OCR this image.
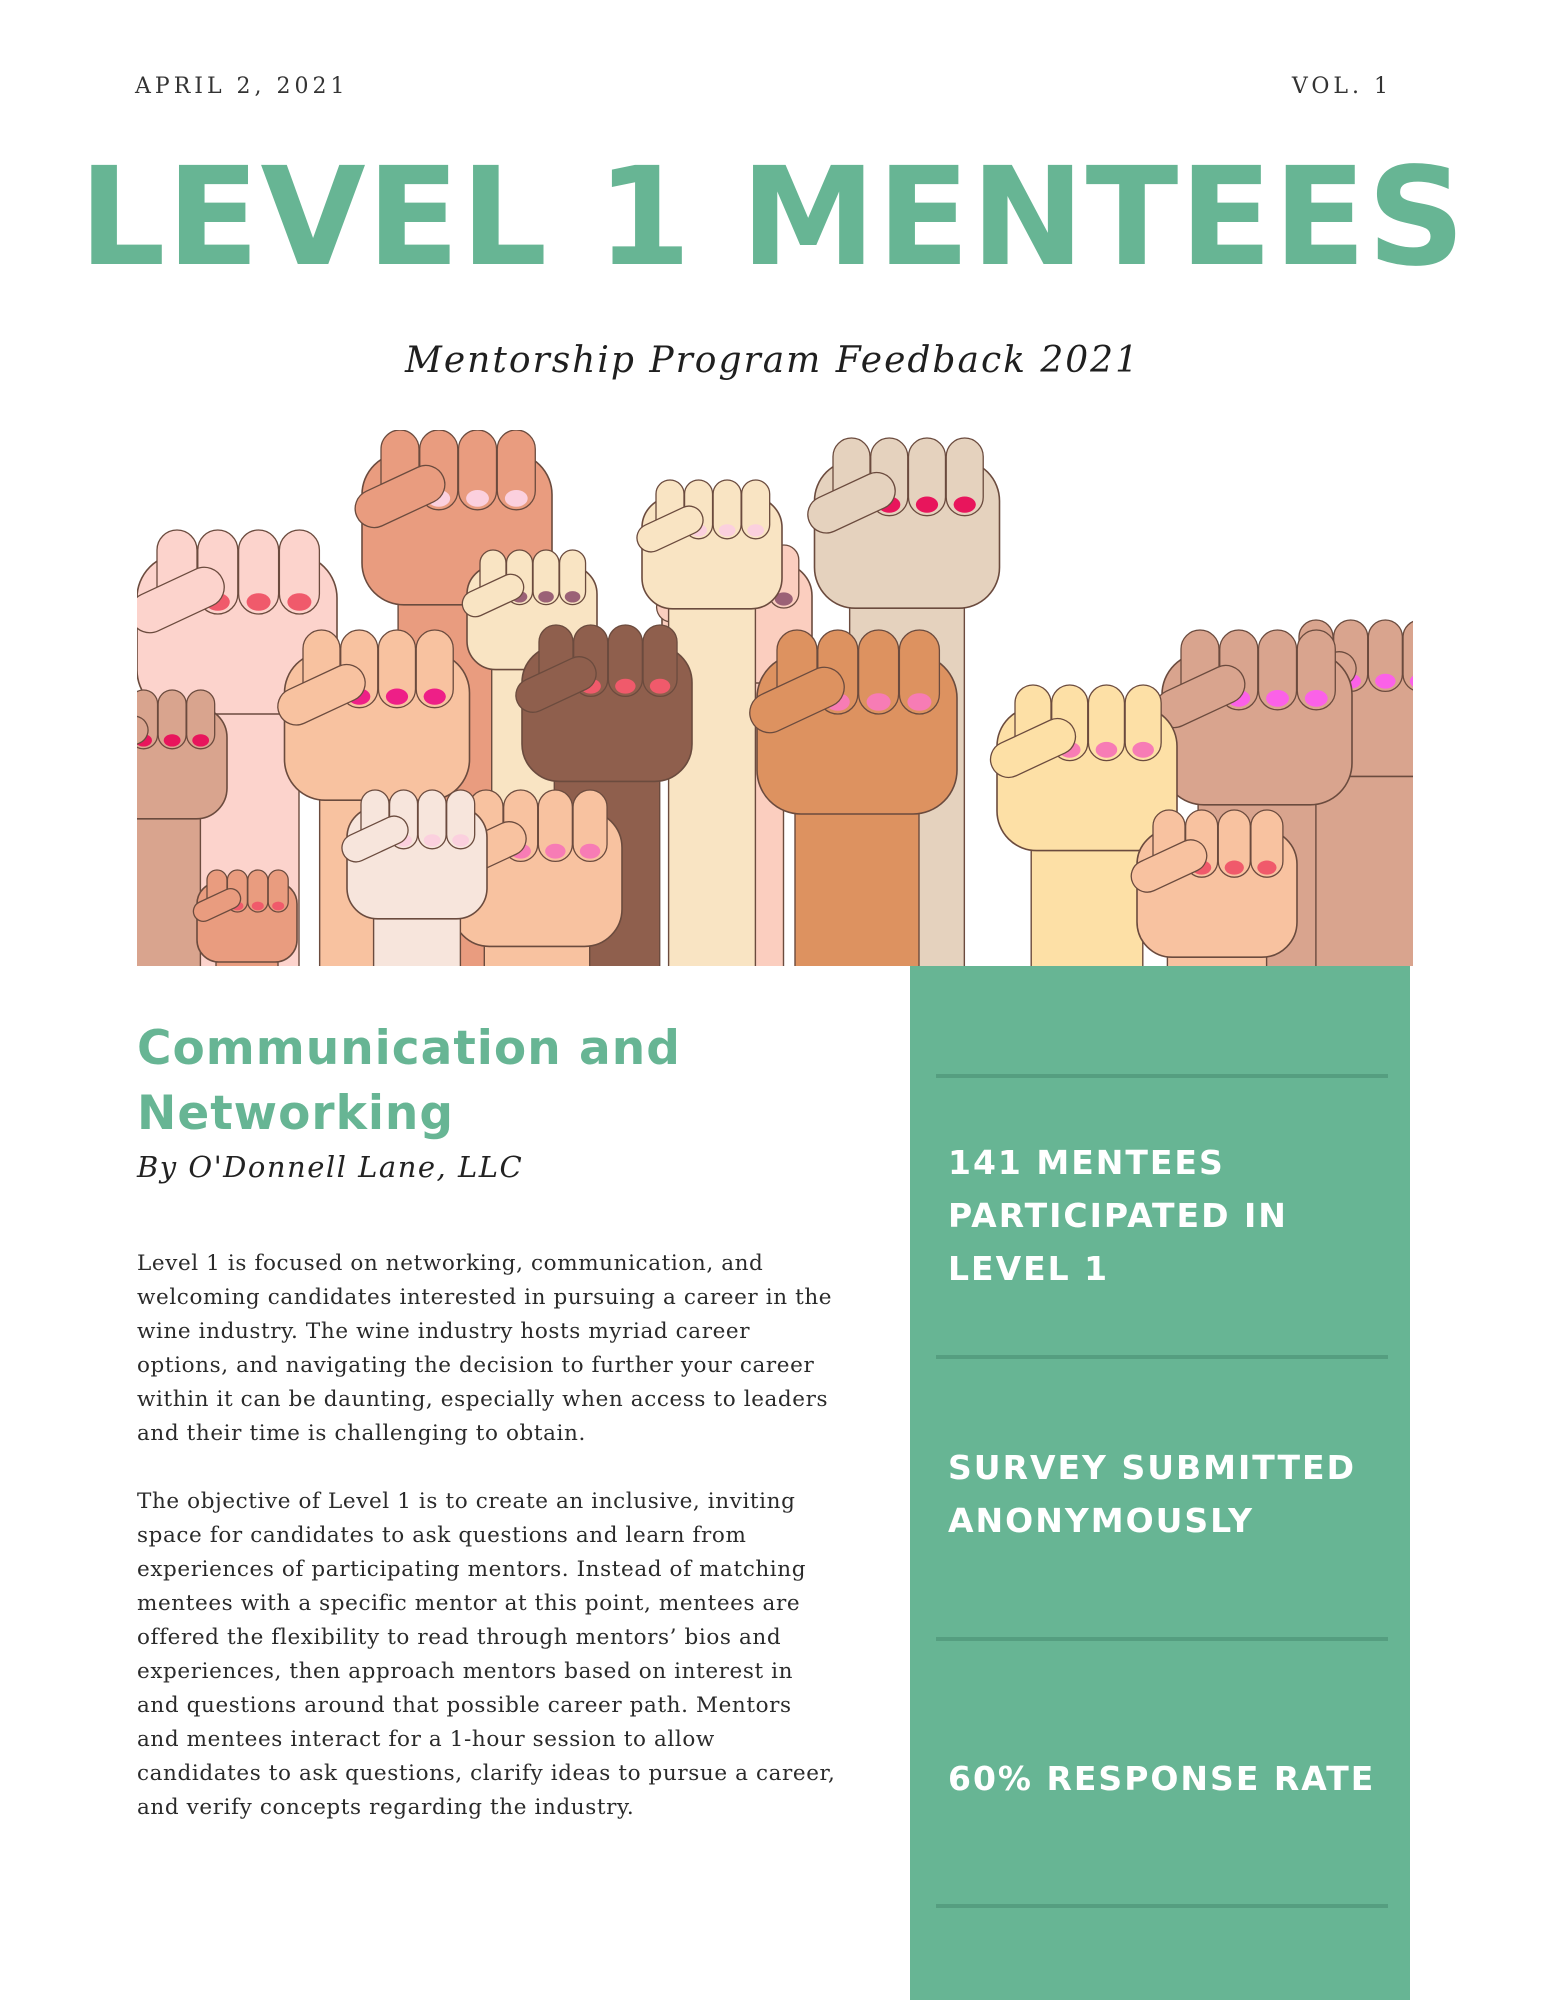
APRIL 2, 2021	VOL. 1
LEVEL 1 MENTEES
Mentorship Program Feedback 2021
Communication and Networking
By O'Donnell Lane, LLC

Level 1 is focused on networking, communication, and welcoming candidates interested in pursuing a career in the wine industry. The wine industry hosts myriad career options, and navigating the decision to further your career within it can be daunting, especially when access to leaders and their time is challenging to obtain.

The objective of Level 1 is to create an inclusive, inviting space for candidates to ask questions and learn from experiences of participating mentors. Instead of matching mentees with a specific mentor at this point, mentees are offered the flexibility to read through mentors’ bios and experiences, then approach mentors based on interest in and questions around that possible career path. Mentors and mentees interact for a 1-hour session to allow candidates to ask questions, clarify ideas to pursue a career, and verify concepts regarding the industry.

141 MENTEES PARTICIPATED IN LEVEL 1
SURVEY SUBMITTED ANONYMOUSLY
60% RESPONSE RATE
